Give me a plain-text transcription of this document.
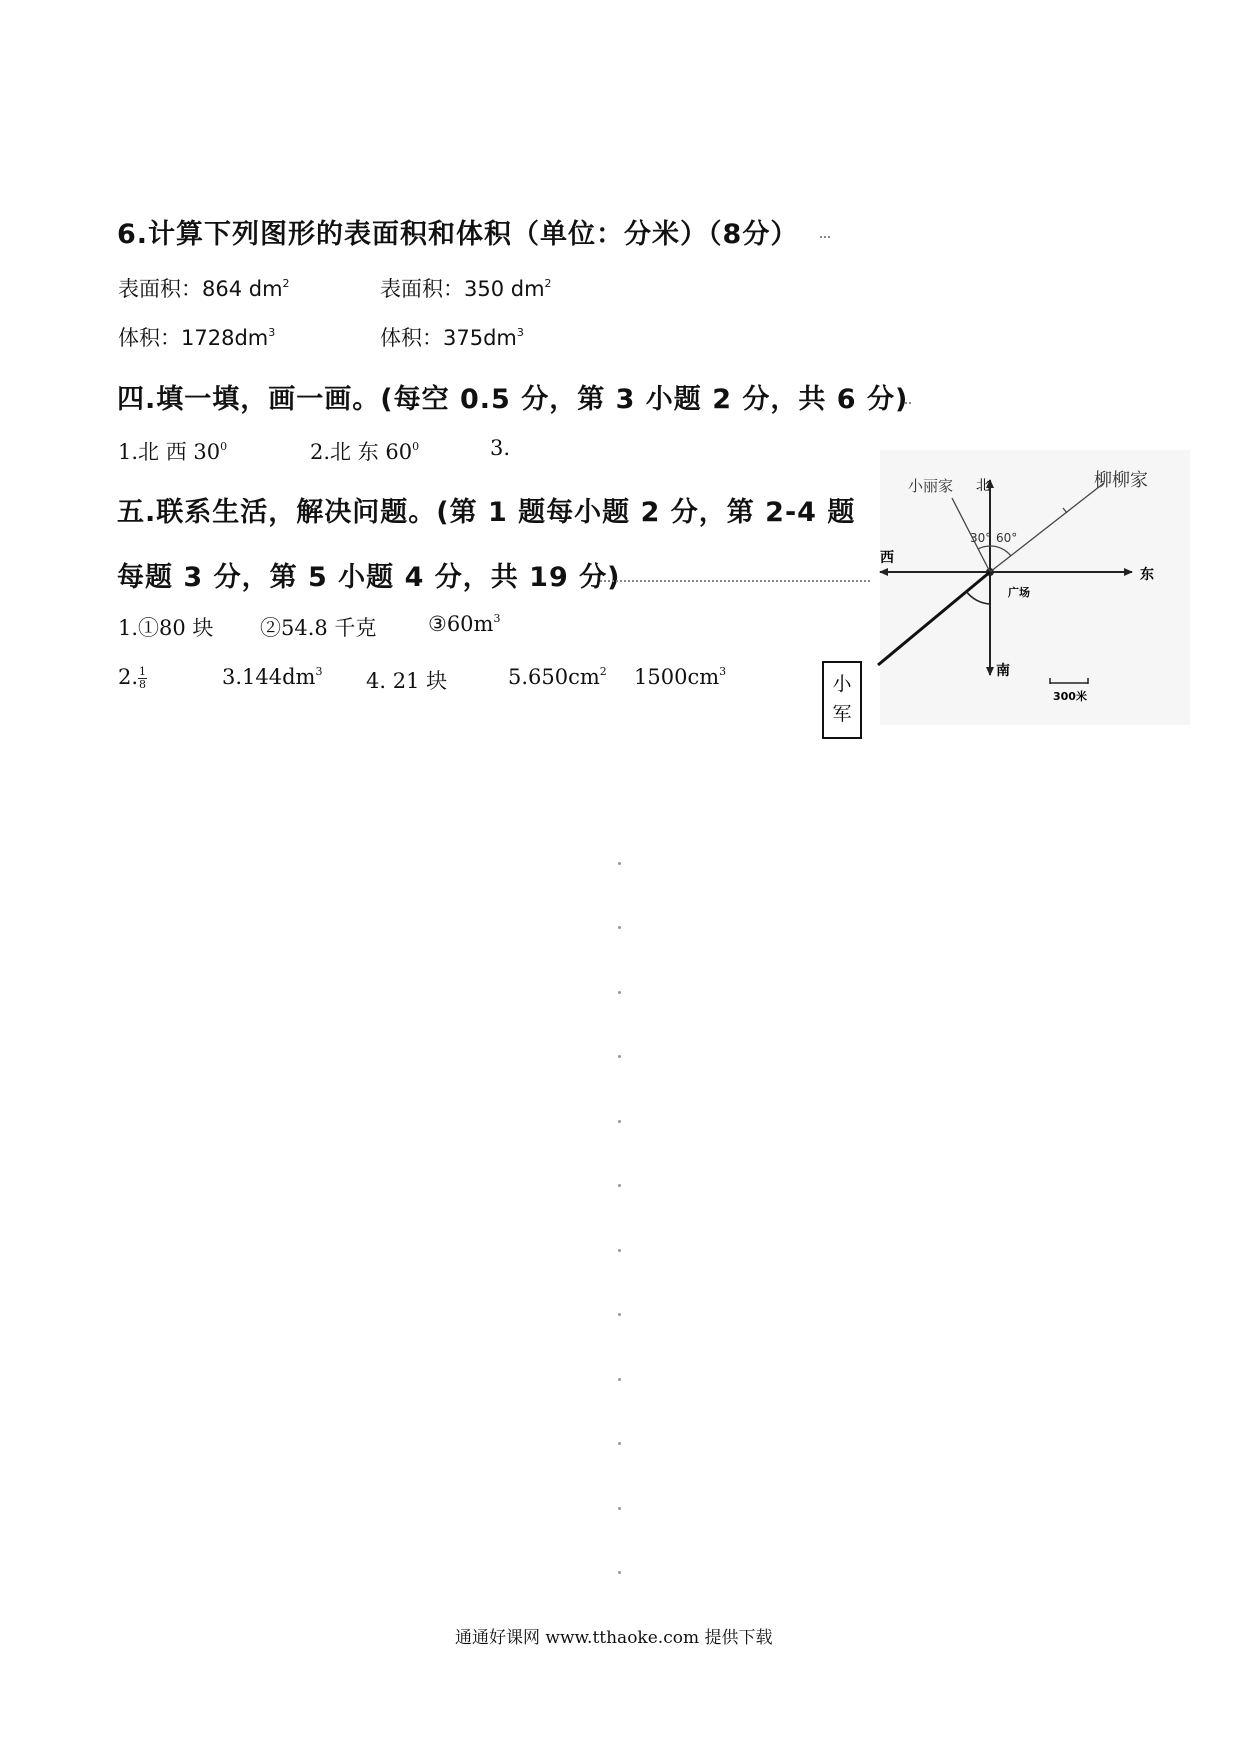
6.计算下列图形的表面积和体积（单位：分米）（8分）
表面积：864 $dm^2$	表面积：350 $dm^2$
体积：$1728dm^3$	体积：$375dm^3$
四.填一填，画一画。(每空 0.5 分，第 3 小题 2 分，共 6 分)
1.北 西 $30^0$	2.北 东 $60^0$	3.
五.联系生活，解决问题。(第 1 题每小题 2 分，第 2-4 题
每题 3 分，第 5 小题 4 分，共 19 分)
1.①80 块 ②54.8 千克 $③60m^3$
2. $\frac{1}{8}$	$3.144dm^3$ 4. 21 块	$5.650cm^2$ $1500cm^3$
小军
北
南
东
西
广场
小丽家	柳柳家
30° 60°
300米
通通好课网 www.tthaoke.com 提供下载
